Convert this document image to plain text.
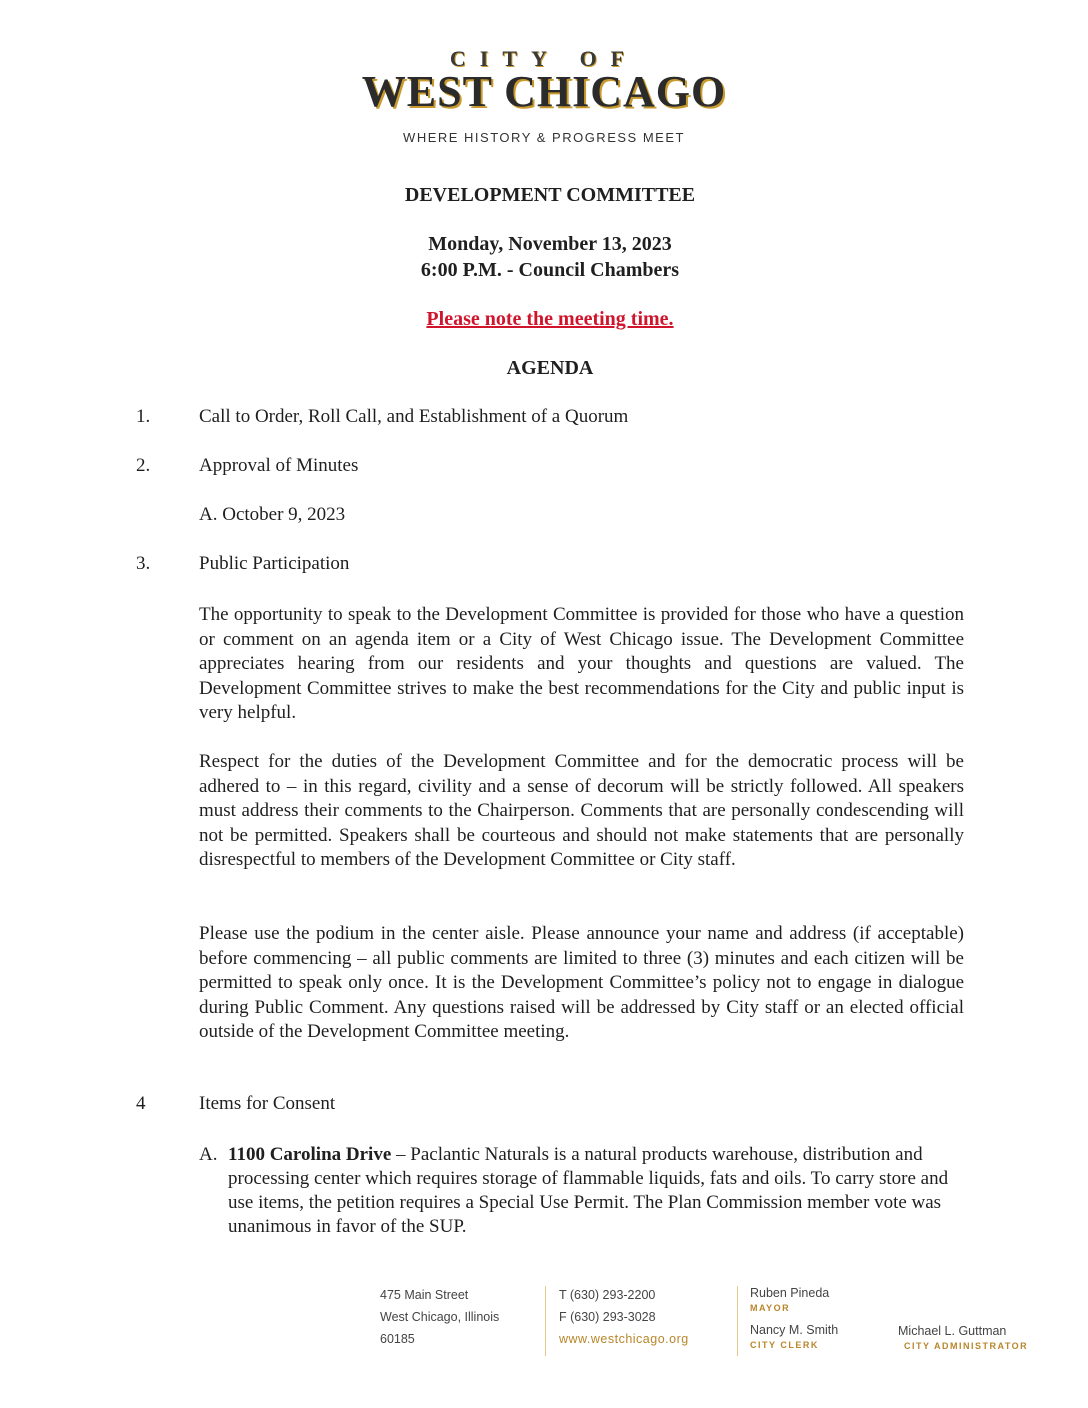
CITY OF
WEST CHICAGO
WHERE HISTORY & PROGRESS MEET
DEVELOPMENT COMMITTEE
Monday, November 13, 2023
6:00 P.M. - Council Chambers
Please note the meeting time.
AGENDA
1.	Call to Order, Roll Call, and Establishment of a Quorum
2.	Approval of Minutes
A. October 9, 2023
3.	Public Participation
The opportunity to speak to the Development Committee is provided for those who have a question or comment on an agenda item or a City of West Chicago issue. The Development Committee appreciates hearing from our residents and your thoughts and questions are valued. The Development Committee strives to make the best recommendations for the City and public input is very helpful.
Respect for the duties of the Development Committee and for the democratic process will be adhered to – in this regard, civility and a sense of decorum will be strictly followed. All speakers must address their comments to the Chairperson. Comments that are personally condescending will not be permitted. Speakers shall be courteous and should not make statements that are personally disrespectful to members of the Development Committee or City staff.
Please use the podium in the center aisle. Please announce your name and address (if acceptable) before commencing – all public comments are limited to three (3) minutes and each citizen will be permitted to speak only once. It is the Development Committee’s policy not to engage in dialogue during Public Comment. Any questions raised will be addressed by City staff or an elected official outside of the Development Committee meeting.
4	Items for Consent
A. 1100 Carolina Drive – Paclantic Naturals is a natural products warehouse, distribution and processing center which requires storage of flammable liquids, fats and oils. To carry store and use items, the petition requires a Special Use Permit. The Plan Commission member vote was unanimous in favor of the SUP.
475 Main Street
West Chicago, Illinois
60185
T (630) 293-2200
F (630) 293-3028
www.westchicago.org
Ruben Pineda
MAYOR
Nancy M. Smith
CITY CLERK
Michael L. Guttman
CITY ADMINISTRATOR
